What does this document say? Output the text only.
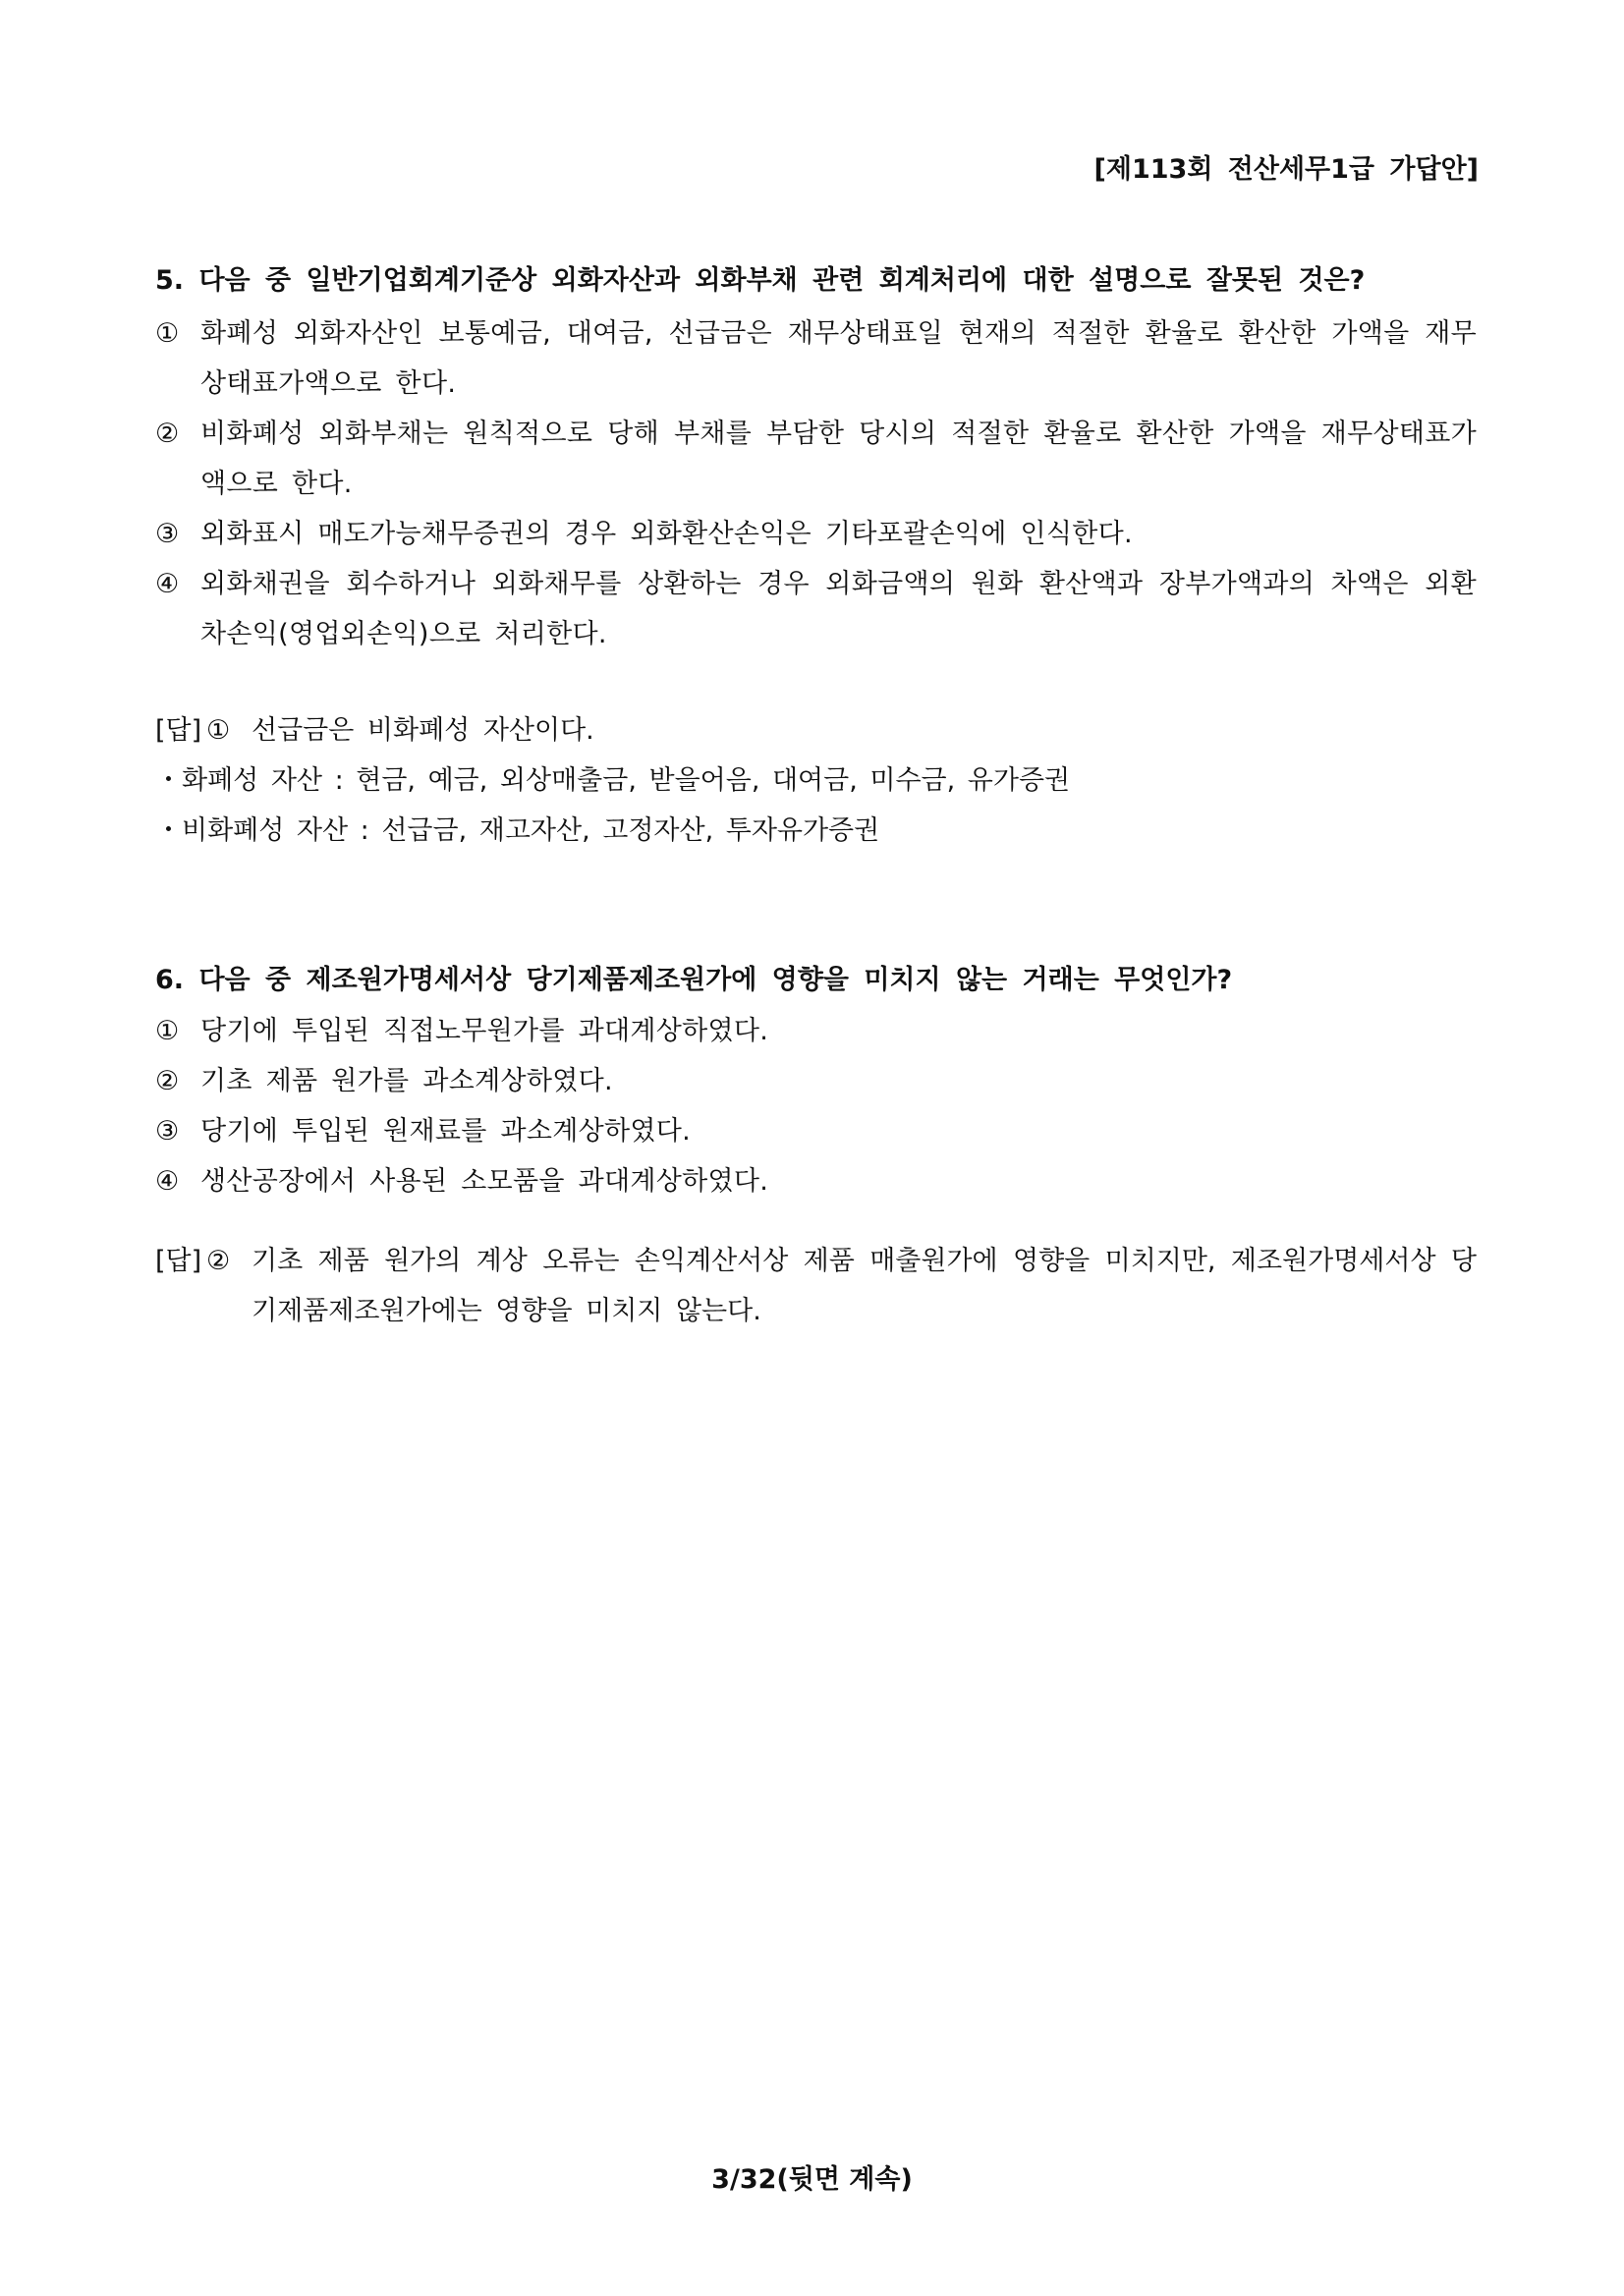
[제113회 전산세무1급 가답안]

5. 다음 중 일반기업회계기준상 외화자산과 외화부채 관련 회계처리에 대한 설명으로 잘못된 것은?

① 화폐성 외화자산인 보통예금, 대여금, 선급금은 재무상태표일 현재의 적절한 환율로 환산한 가액을 재무상태표가액으로 한다.
② 비화폐성 외화부채는 원칙적으로 당해 부채를 부담한 당시의 적절한 환율로 환산한 가액을 재무상태표가액으로 한다.
③ 외화표시 매도가능채무증권의 경우 외화환산손익은 기타포괄손익에 인식한다.
④ 외화채권을 회수하거나 외화채무를 상환하는 경우 외화금액의 원화 환산액과 장부가액과의 차액은 외환차손익(영업외손익)으로 처리한다.
[답] ① 선급금은 비화폐성 자산이다.
・화폐성 자산 : 현금, 예금, 외상매출금, 받을어음, 대여금, 미수금, 유가증권
・비화폐성 자산 : 선급금, 재고자산, 고정자산, 투자유가증권

6. 다음 중 제조원가명세서상 당기제품제조원가에 영향을 미치지 않는 거래는 무엇인가?

① 당기에 투입된 직접노무원가를 과대계상하였다.
② 기초 제품 원가를 과소계상하였다.
③ 당기에 투입된 원재료를 과소계상하였다.
④ 생산공장에서 사용된 소모품을 과대계상하였다.
[답] ② 기초 제품 원가의 계상 오류는 손익계산서상 제품 매출원가에 영향을 미치지만, 제조원가명세서상 당기제품제조원가에는 영향을 미치지 않는다.
3/32(뒷면 계속)
